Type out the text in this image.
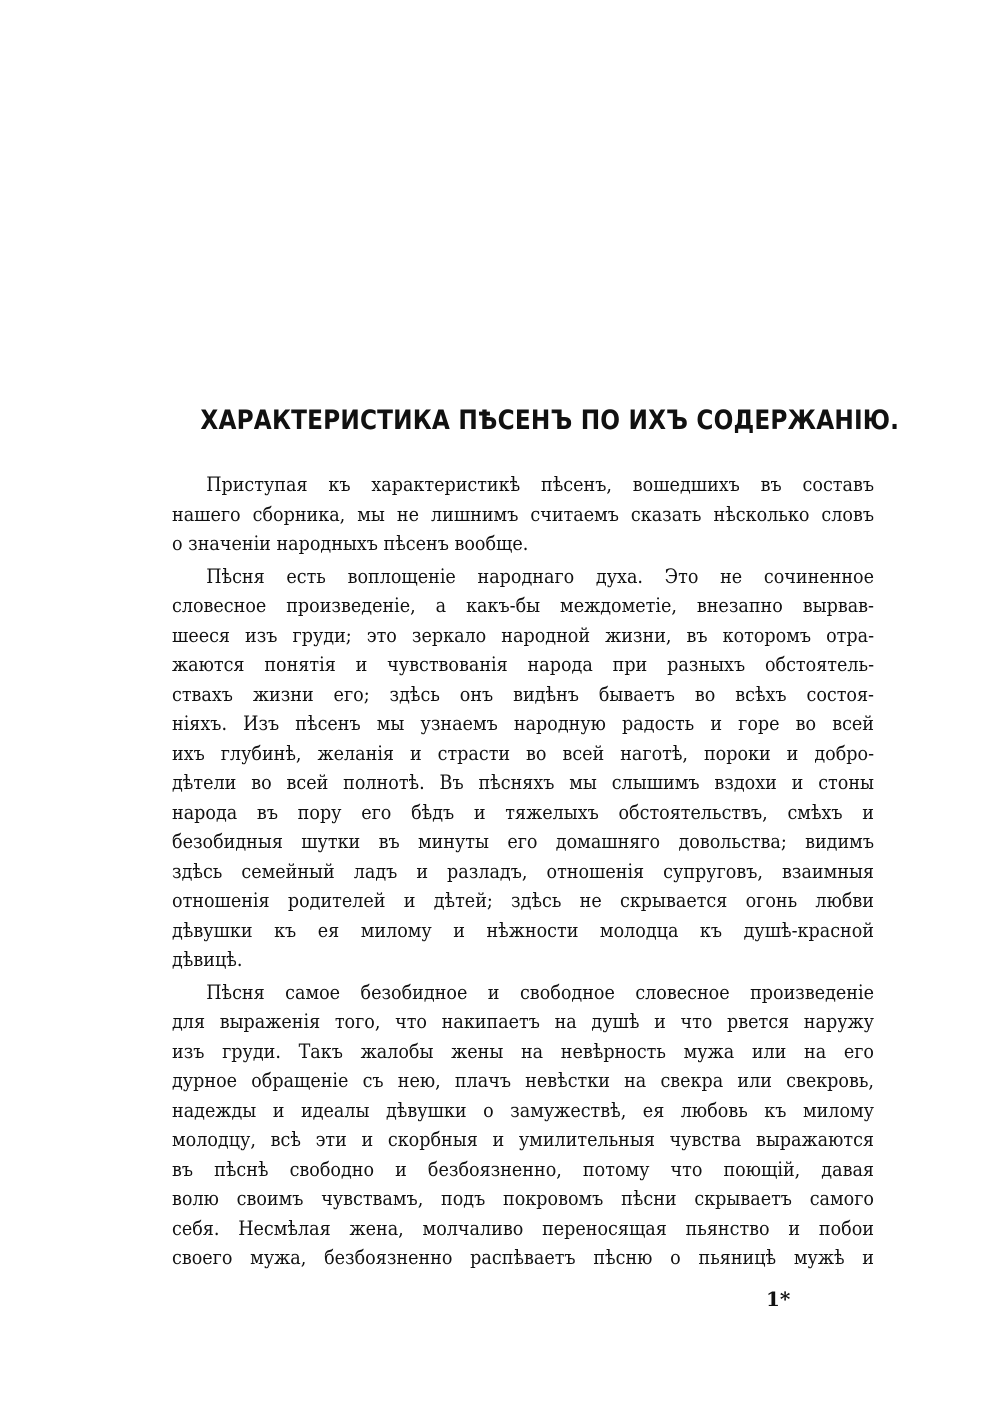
ХАРАКТЕРИСТИКА ПѢСЕНЪ ПО ИХЪ СОДЕРЖАНІЮ.
Приступая къ характеристикѣ пѣсенъ, вошедшихъ въ составъ
нашего сборника, мы не лишнимъ считаемъ сказать нѣсколько словъ
о значеніи народныхъ пѣсенъ вообще.
Пѣсня есть воплощеніе народнаго духа. Это не сочиненное
словесное произведеніе, а какъ-бы междометіе, внезапно вырвав-
шееся изъ груди; это зеркало народной жизни, въ которомъ отра-
жаются понятія и чувствованія народа при разныхъ обстоятель-
ствахъ жизни его; здѣсь онъ видѣнъ бываетъ во всѣхъ состоя-
ніяхъ. Изъ пѣсенъ мы узнаемъ народную радость и горе во всей
ихъ глубинѣ, желанія и страсти во всей наготѣ, пороки и добро-
дѣтели во всей полнотѣ. Въ пѣсняхъ мы слышимъ вздохи и стоны
народа въ пору его бѣдъ и тяжелыхъ обстоятельствъ, смѣхъ и
безобидныя шутки въ минуты его домашняго довольства; видимъ
здѣсь семейный ладъ и разладъ, отношенія супруговъ, взаимныя
отношенія родителей и дѣтей; здѣсь не скрывается огонь любви
дѣвушки къ ея милому и нѣжности молодца къ душѣ-красной
дѣвицѣ.
Пѣсня самое безобидное и свободное словесное произведеніе
для выраженія того, что накипаетъ на душѣ и что рвется наружу
изъ груди. Такъ жалобы жены на невѣрность мужа или на его
дурное обращеніе съ нею, плачъ невѣстки на свекра или свекровь,
надежды и идеалы дѣвушки о замужествѣ, ея любовь къ милому
молодцу, всѣ эти и скорбныя и умилительныя чувства выражаются
въ пѣснѣ свободно и безбоязненно, потому что поющій, давая
волю своимъ чувствамъ, подъ покровомъ пѣсни скрываетъ самого
себя. Несмѣлая жена, молчаливо переносящая пьянство и побои
своего мужа, безбоязненно распѣваетъ пѣсню о пьяницѣ мужѣ и
1*
